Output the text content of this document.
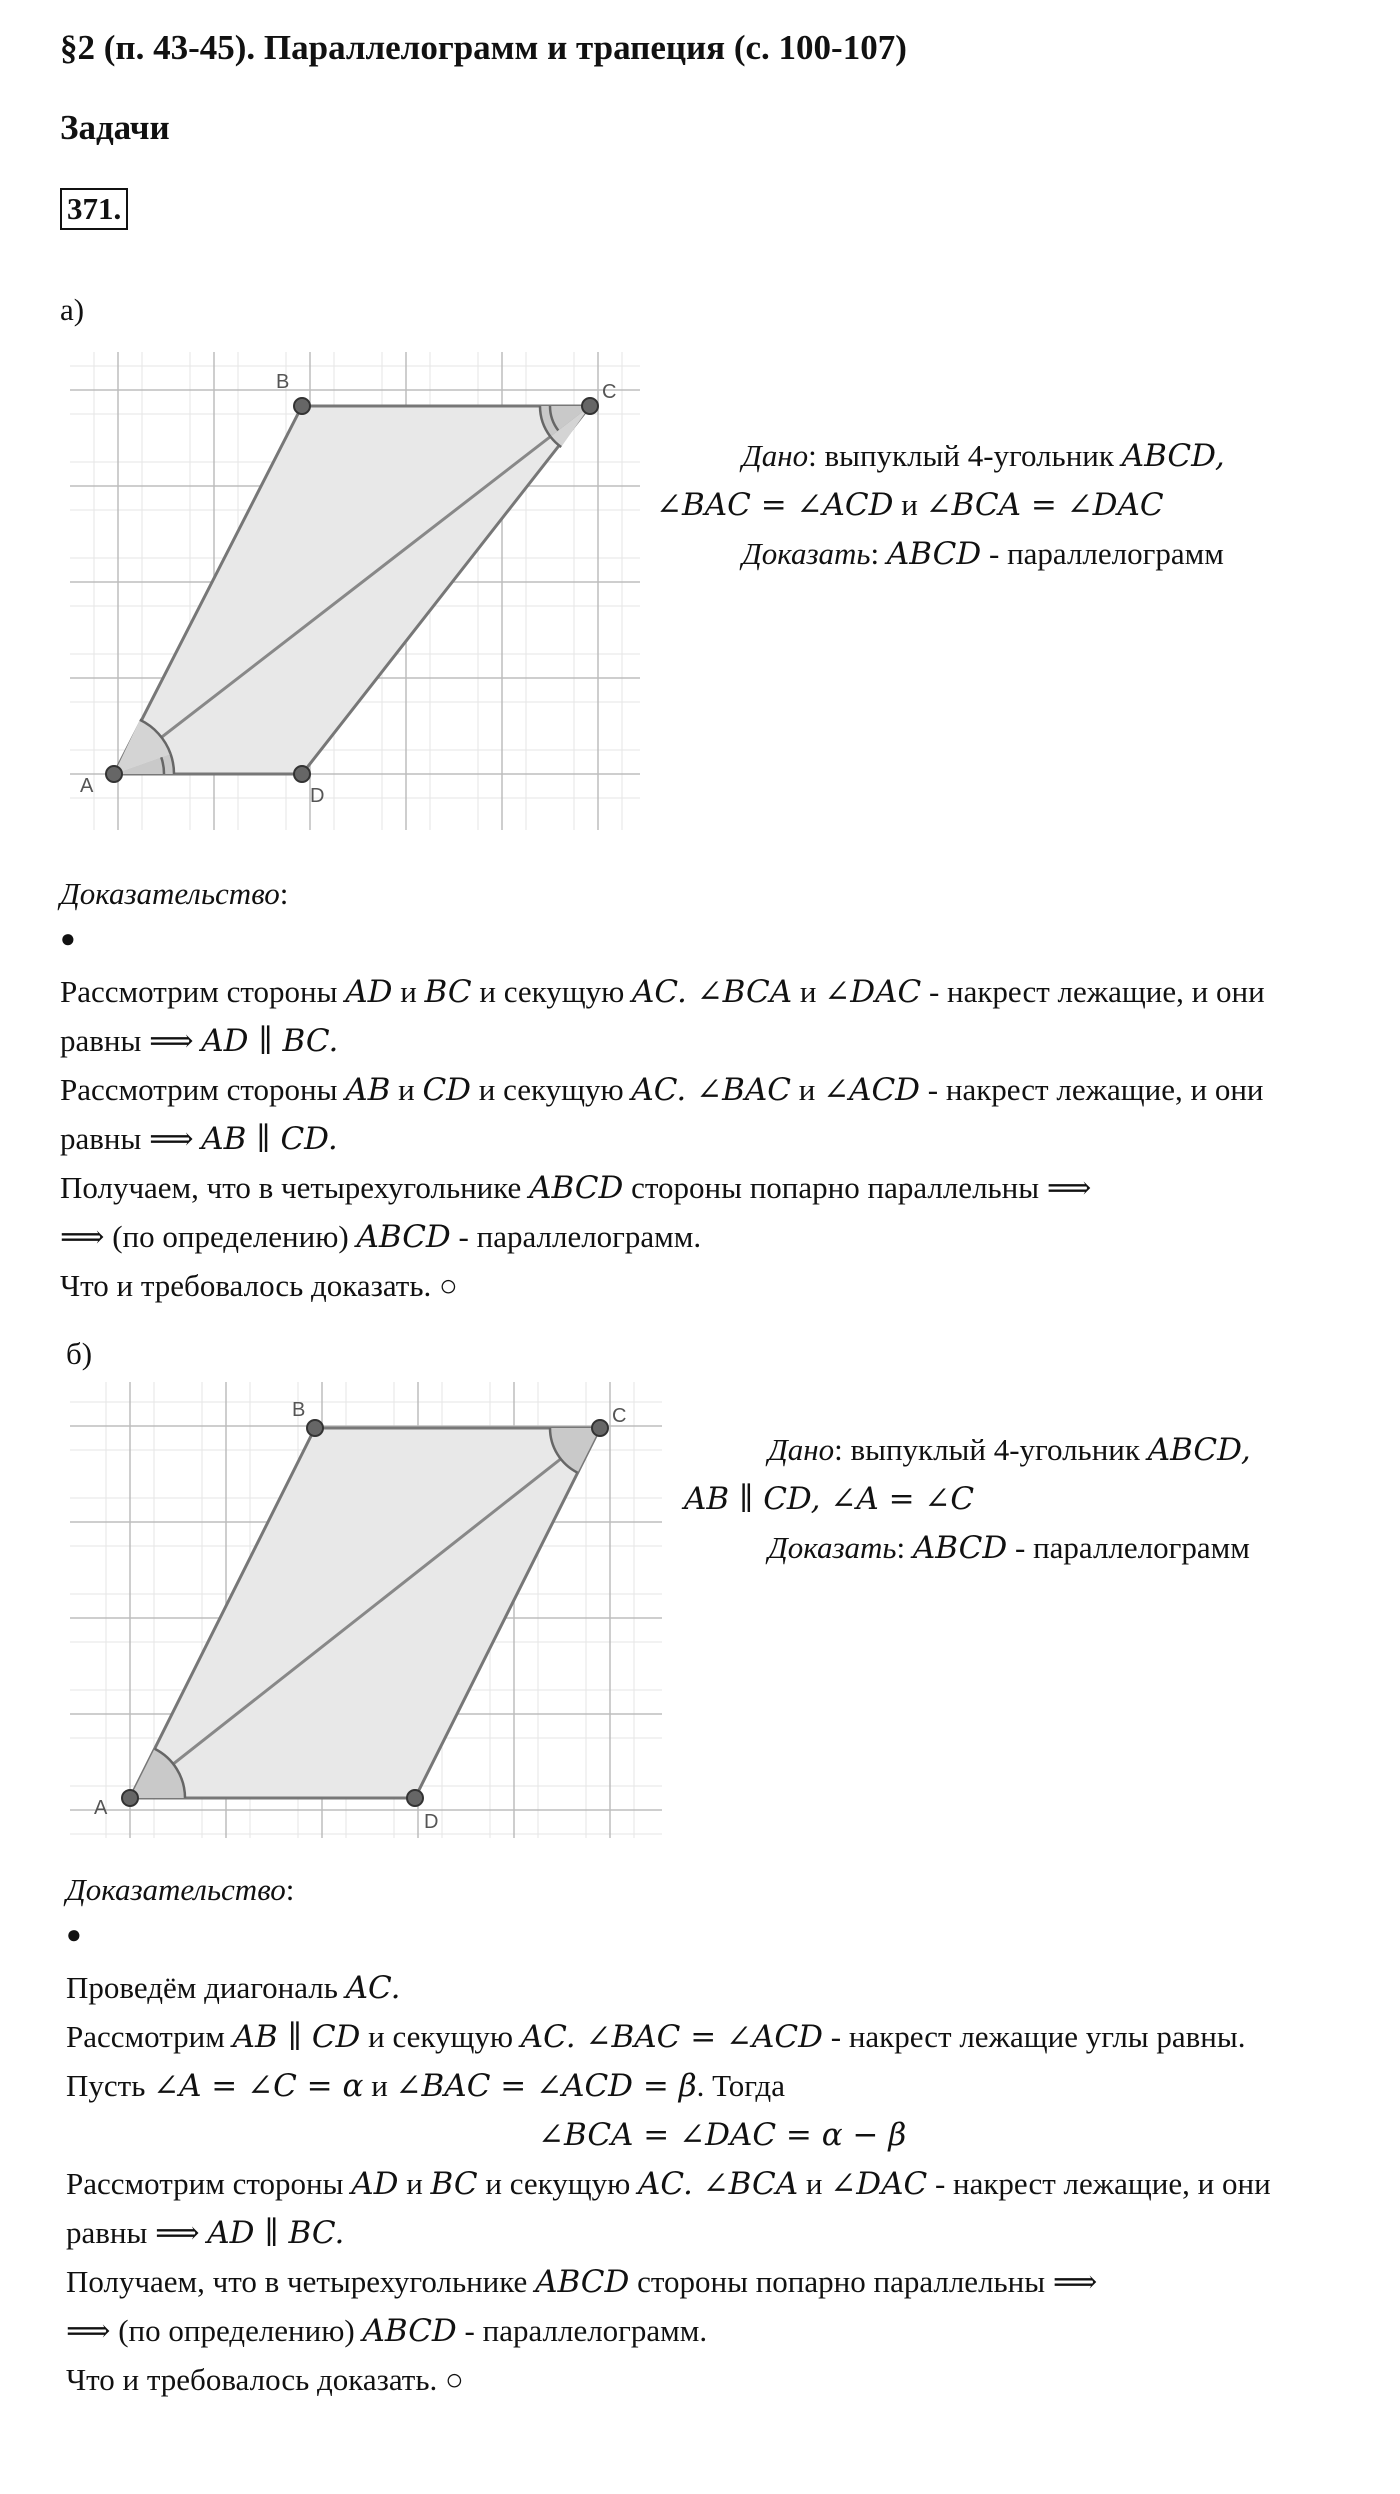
§2 (п. 43-45). Параллелограмм и трапеция (с. 100-107)
Задачи
371.
а)
A	D
C
B
Дано: выпуклый 4-угольник ABCD,
∠BAC = ∠ACD и ∠BCA = ∠DAC
Доказать: ABCD - параллелограмм
Доказательство:
●
Рассмотрим стороны AD и BC и секущую AC. ∠BCA и ∠DAC - накрест лежащие, и они
равны ⟹ AD ∥ BC.
Рассмотрим стороны AB и CD и секущую AC. ∠BAC и ∠ACD - накрест лежащие, и они
равны ⟹ AB ∥ CD.
Получаем, что в четырехугольнике ABCD стороны попарно параллельны ⟹
⟹ (по определению) ABCD - параллелограмм.
Что и требовалось доказать. ○
б)
A
D
C
B
Дано: выпуклый 4-угольник ABCD,
AB ∥ CD, ∠A = ∠C
Доказать: ABCD - параллелограмм
Доказательство:
●
Проведём диагональ AC.
Рассмотрим AB ∥ CD и секущую AC. ∠BAC = ∠ACD - накрест лежащие углы равны.
Пусть ∠A = ∠C = α и ∠BAC = ∠ACD = β. Тогда
∠BCA = ∠DAC = α − β
Рассмотрим стороны AD и BC и секущую AC. ∠BCA и ∠DAC - накрест лежащие, и они
равны ⟹ AD ∥ BC.
Получаем, что в четырехугольнике ABCD стороны попарно параллельны ⟹
⟹ (по определению) ABCD - параллелограмм.
Что и требовалось доказать. ○
